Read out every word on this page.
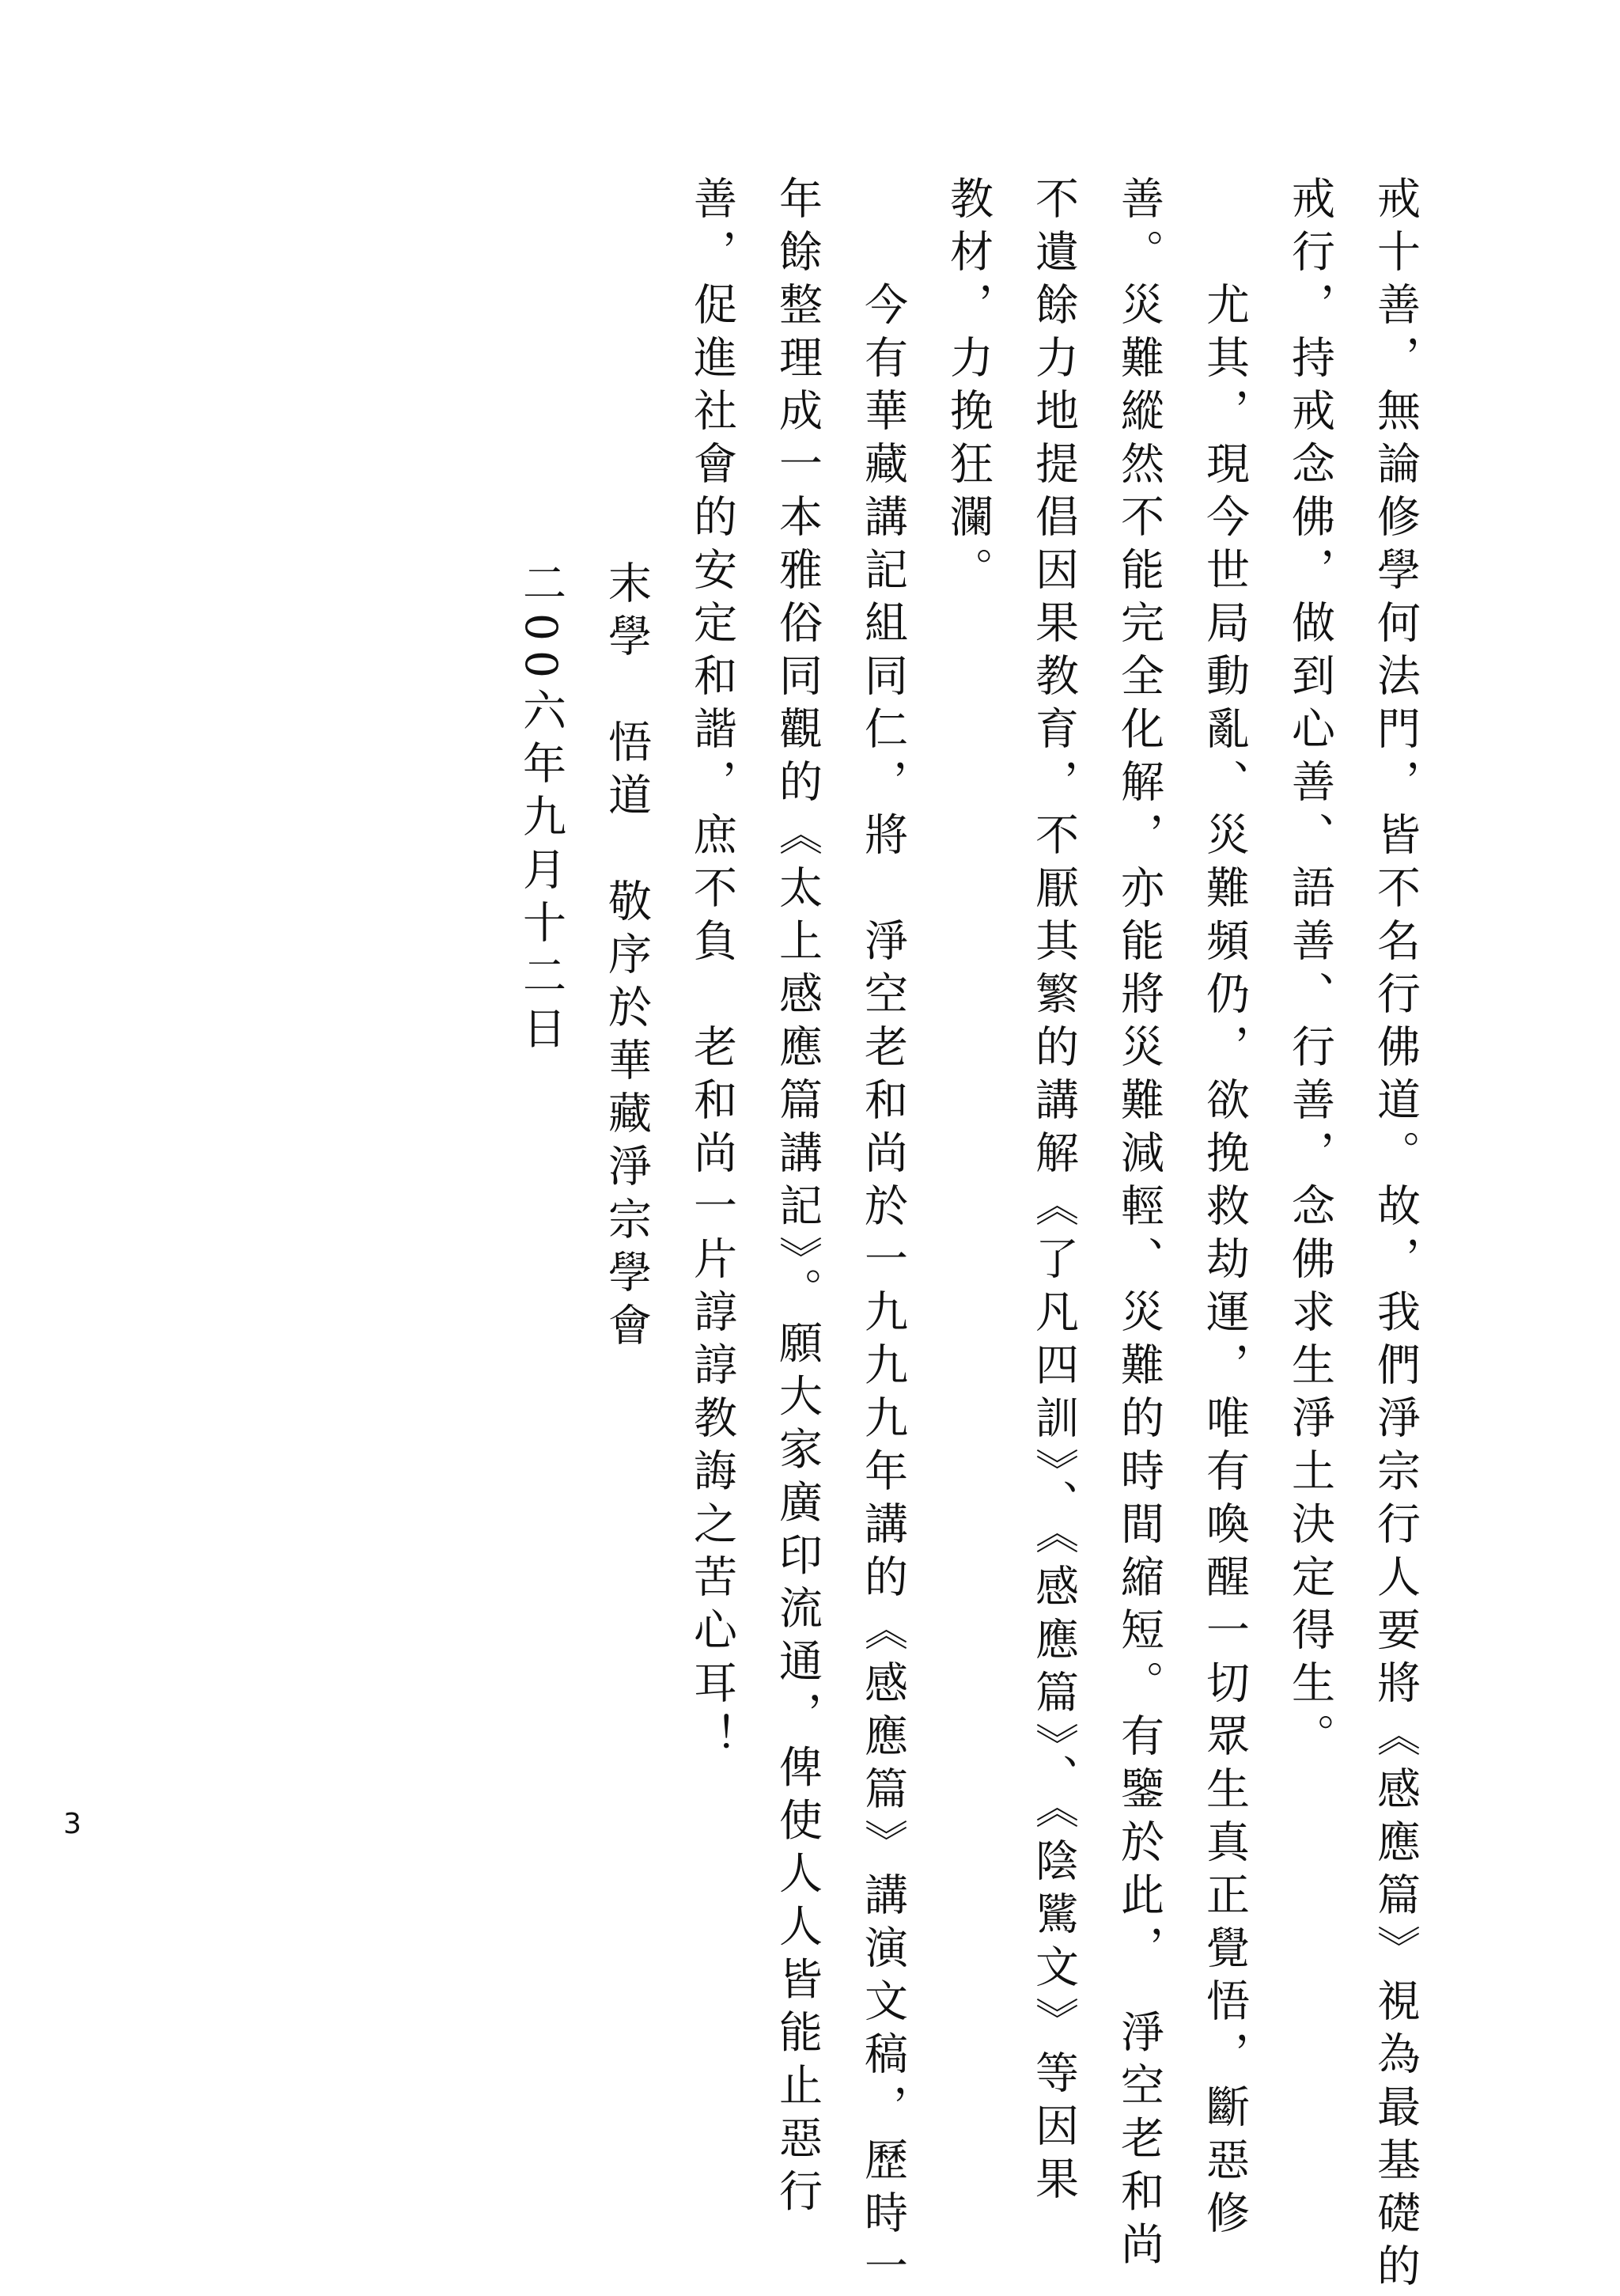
戒十善，無論修學何法門，皆不名行佛道。故，我們淨宗行人要將《感應篇》視為最基礎的
戒行，持戒念佛，做到心善、語善、行善，念佛求生淨土決定得生。
尤其，現今世局動亂、災難頻仍，欲挽救劫運，唯有喚醒一切眾生真正覺悟，斷惡修
善。災難縱然不能完全化解，亦能將災難減輕、災難的時間縮短。有鑒於此，　淨空老和尚
不遺餘力地提倡因果教育，不厭其繁的講解《了凡四訓》、《感應篇》、《陰騭文》等因果
教材，力挽狂瀾。
今有華藏講記組同仁，將　淨空老和尚於一九九九年講的《感應篇》講演文稿，歷時一
年餘整理成一本雅俗同觀的《太上感應篇講記》。願大家廣印流通，俾使人人皆能止惡行
善，促進社會的安定和諧，庶不負　老和尚一片諄諄教誨之苦心耳！
末學　悟道　敬序於華藏淨宗學會
二00六年九月十二日
3
